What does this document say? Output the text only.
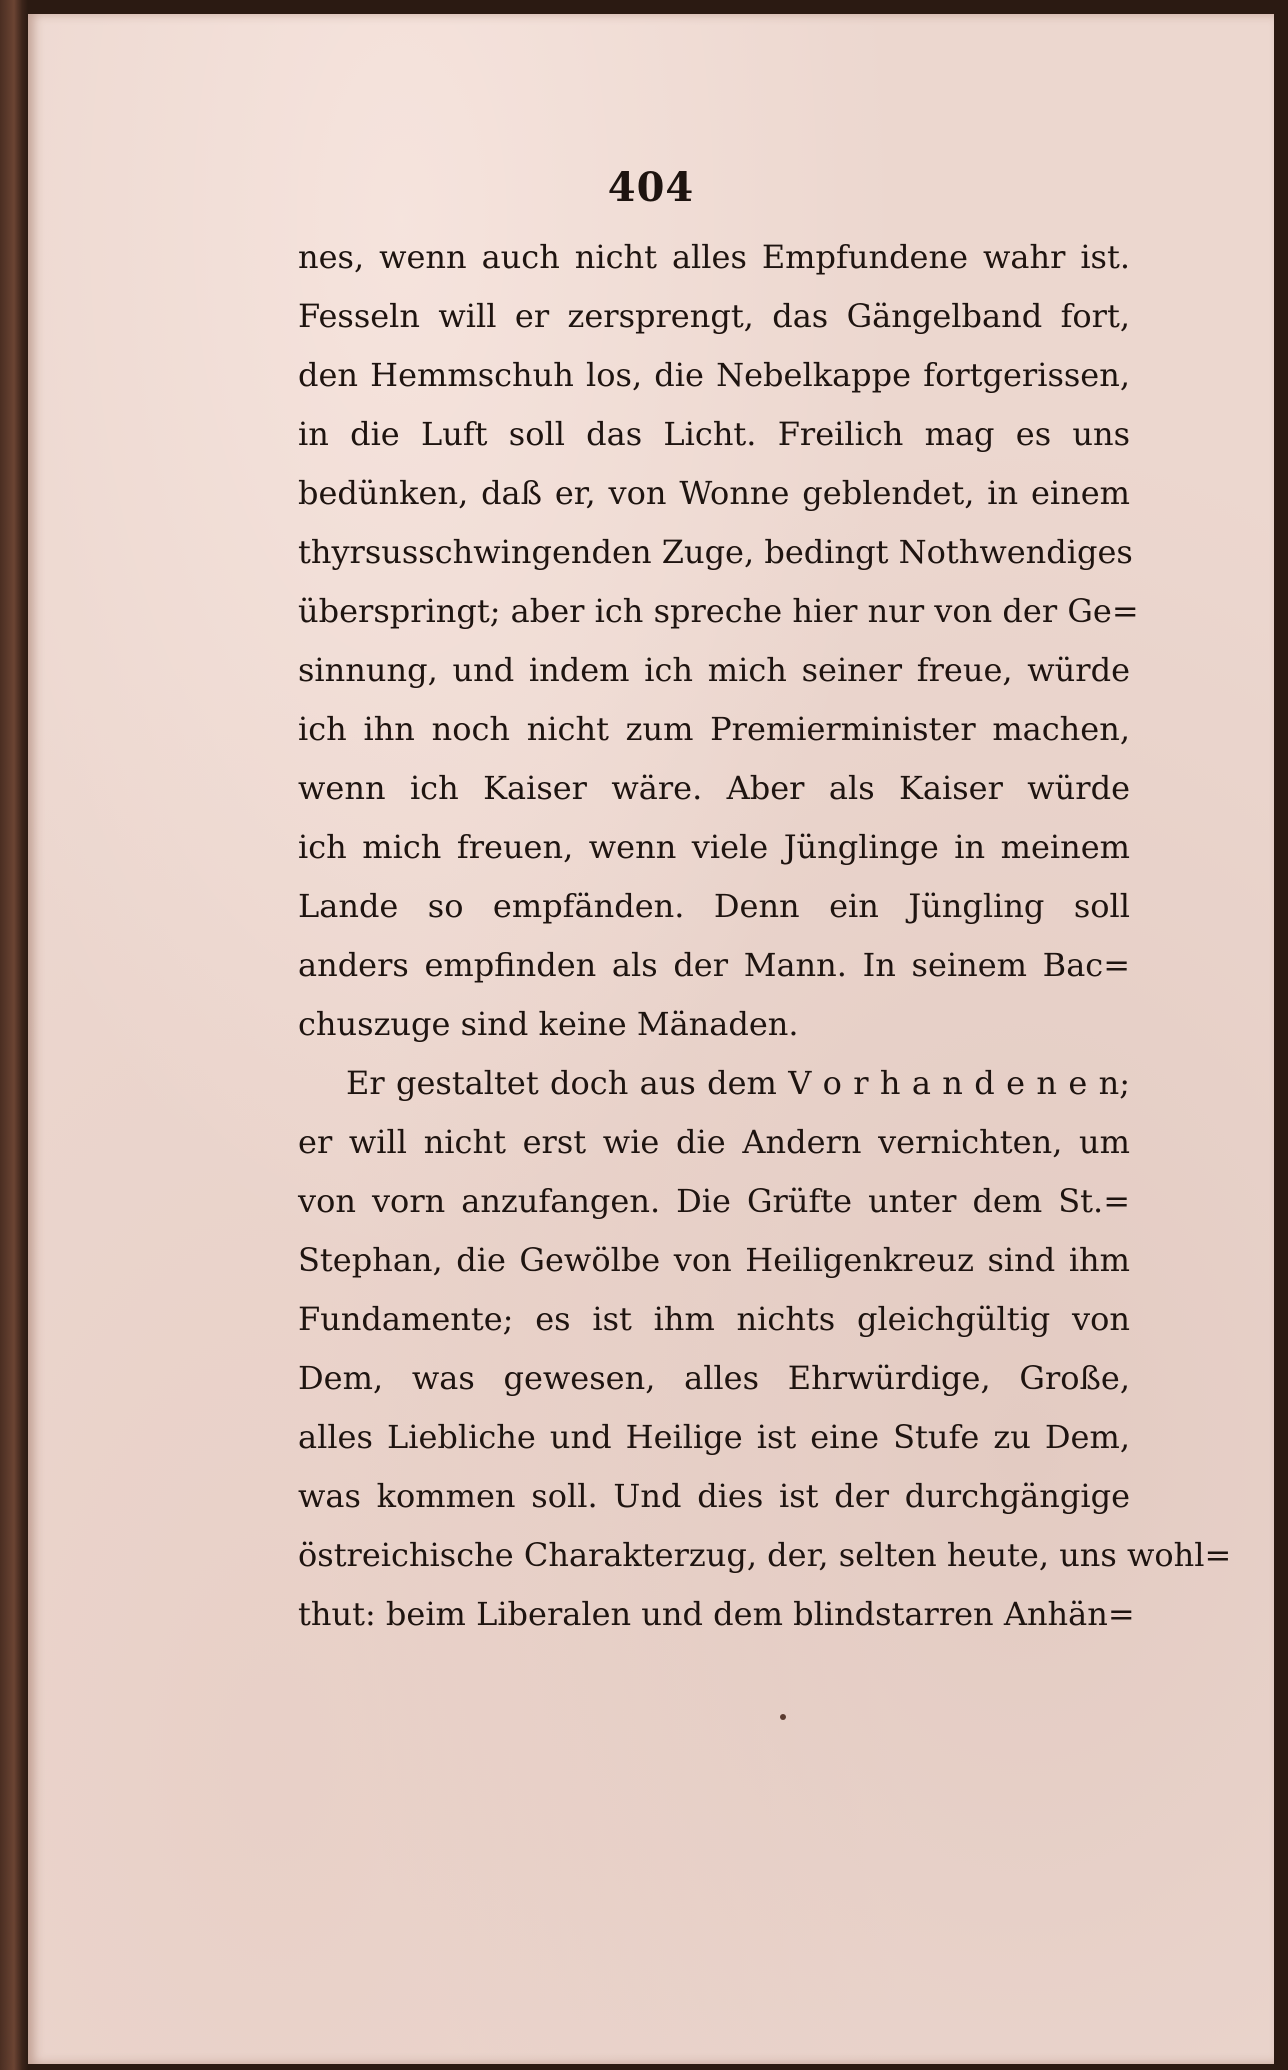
404
nes, wenn auch nicht alles Empfundene wahr ist.
Fesseln will er zersprengt, das Gängelband fort,
den Hemmschuh los, die Nebelkappe fortgerissen,
in die Luft soll das Licht. Freilich mag es uns
bedünken, daß er, von Wonne geblendet, in einem
thyrsusschwingenden Zuge, bedingt Nothwendiges
überspringt; aber ich spreche hier nur von der Ge=
sinnung, und indem ich mich seiner freue, würde
ich ihn noch nicht zum Premierminister machen,
wenn ich Kaiser wäre. Aber als Kaiser würde
ich mich freuen, wenn viele Jünglinge in meinem
Lande so empfänden. Denn ein Jüngling soll
anders empfinden als der Mann. In seinem Bac=
chuszuge sind keine Mänaden.
Er gestaltet doch aus dem V o r h a n d e n e n;
er will nicht erst wie die Andern vernichten, um
von vorn anzufangen. Die Grüfte unter dem St.=
Stephan, die Gewölbe von Heiligenkreuz sind ihm
Fundamente; es ist ihm nichts gleichgültig von
Dem, was gewesen, alles Ehrwürdige, Große,
alles Liebliche und Heilige ist eine Stufe zu Dem,
was kommen soll. Und dies ist der durchgängige
östreichische Charakterzug, der, selten heute, uns wohl=
thut: beim Liberalen und dem blindstarren Anhän=
